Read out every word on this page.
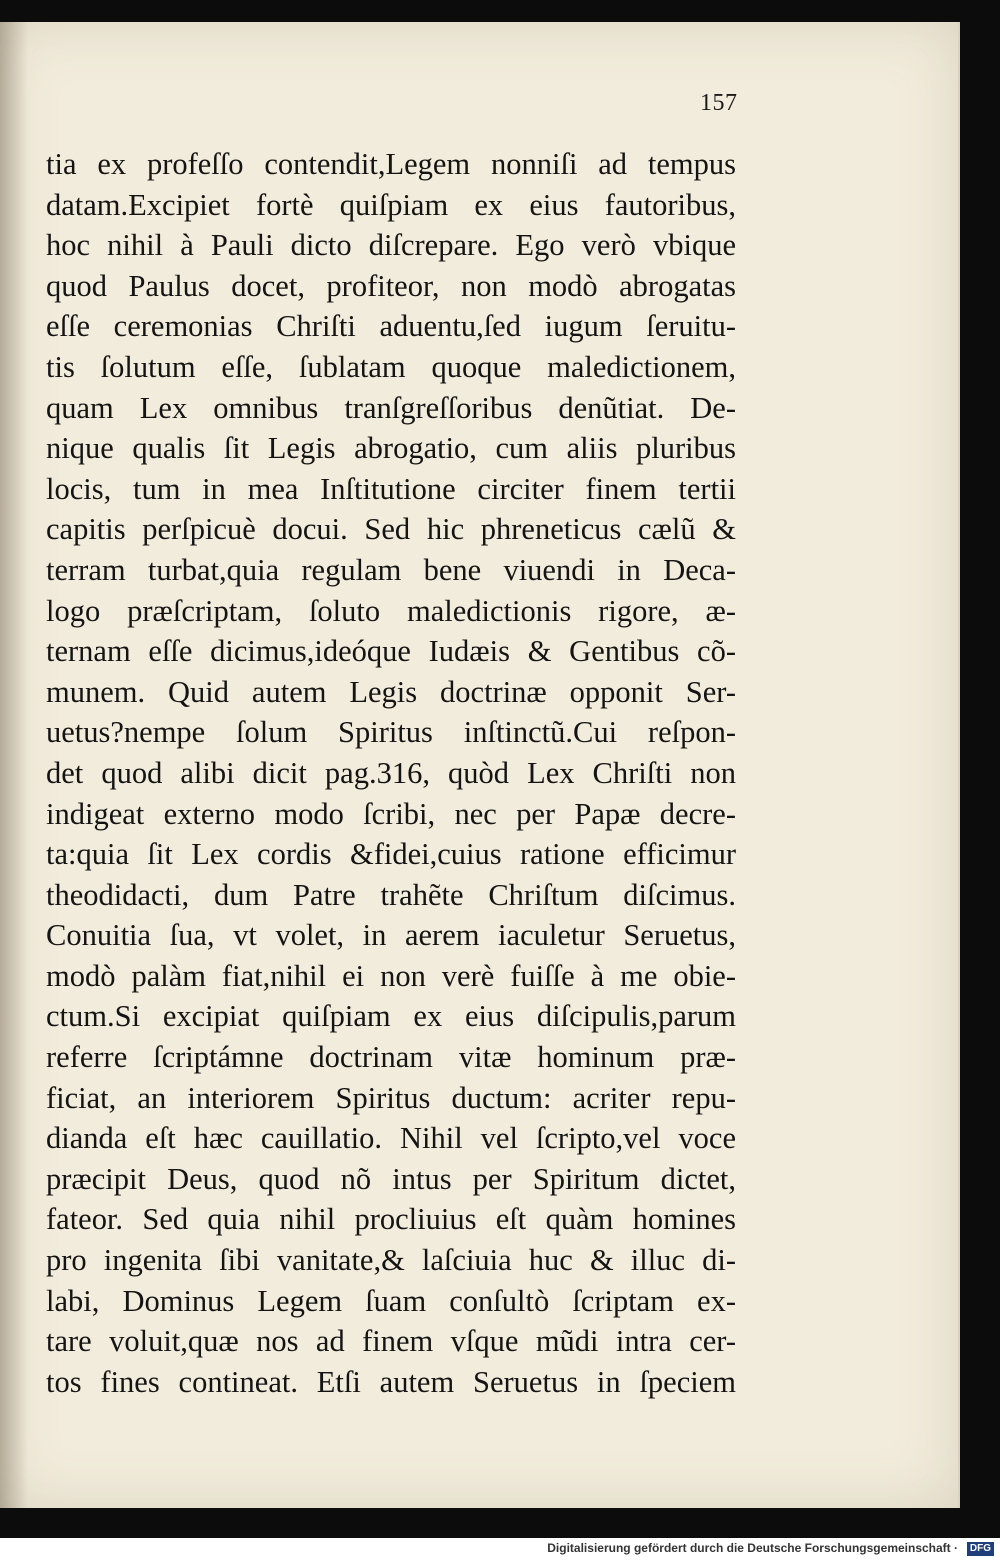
157
tia ex profeſſo contendit,Legem nonniſi ad tempus
datam.Excipiet fortè quiſpiam ex eius fautoribus,
hoc nihil à Pauli dicto diſcrepare. Ego verò vbique
quod Paulus docet, profiteor, non modò abrogatas
eſſe ceremonias Chriſti aduentu,ſed iugum ſeruitu-
tis ſolutum eſſe, ſublatam quoque maledictionem,
quam Lex omnibus tranſgreſſoribus denũtiat. De-
nique qualis ſit Legis abrogatio, cum aliis pluribus
locis, tum in mea Inſtitutione circiter finem tertii
capitis perſpicuè docui. Sed hic phreneticus cælũ &
terram turbat,quia regulam bene viuendi in Deca-
logo præſcriptam, ſoluto maledictionis rigore, æ-
ternam eſſe dicimus,ideóque Iudæis & Gentibus cõ-
munem. Quid autem Legis doctrinæ opponit Ser-
uetus?nempe ſolum Spiritus inſtinctũ.Cui reſpon-
det quod alibi dicit pag.316, quòd Lex Chriſti non
indigeat externo modo ſcribi, nec per Papæ decre-
ta:quia ſit Lex cordis &fidei,cuius ratione efficimur
theodidacti, dum Patre trahẽte Chriſtum diſcimus.
Conuitia ſua, vt volet, in aerem iaculetur Seruetus,
modò palàm fiat,nihil ei non verè fuiſſe à me obie-
ctum.Si excipiat quiſpiam ex eius diſcipulis,parum
referre ſcriptámne doctrinam vitæ hominum præ-
ficiat, an interiorem Spiritus ductum: acriter repu-
dianda eſt hæc cauillatio. Nihil vel ſcripto,vel voce
præcipit Deus, quod nõ intus per Spiritum dictet,
fateor. Sed quia nihil procliuius eſt quàm homines
pro ingenita ſibi vanitate,& laſciuia huc & illuc di-
labi, Dominus Legem ſuam conſultò ſcriptam ex-
tare voluit,quæ nos ad finem vſque mũdi intra cer-
tos fines contineat. Etſi autem Seruetus in ſpeciem
Digitalisierung gefördert durch die Deutsche Forschungsgemeinschaft ·	DFG
